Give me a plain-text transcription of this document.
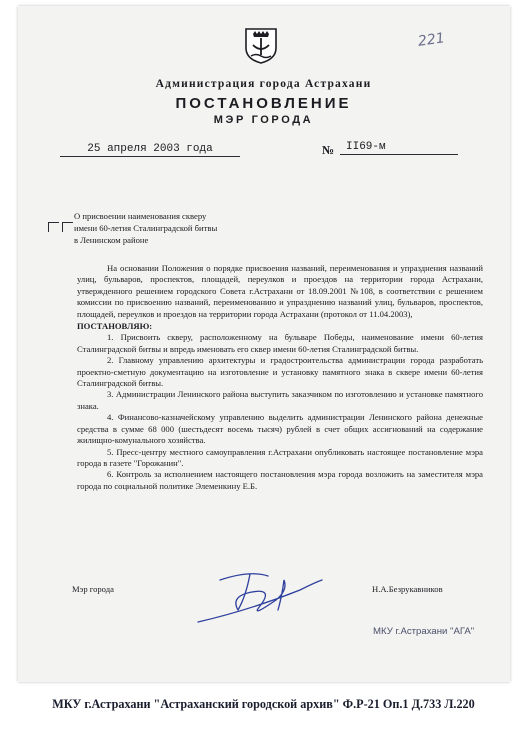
221
Администрация города Астрахани
ПОСТАНОВЛЕНИЕ
МЭР ГОРОДА
25 апреля 2003 года	№	II69-м
О присвоении наименования скверу
имени 60-летия Сталинградской битвы
в Ленинском районе

На основании Положения о порядке присвоения названий, переименования и упразднения названий улиц, бульваров, проспектов, площадей, переулков и проездов на территории города Астрахани, утвержденного решением городского Совета г.Астрахани от 18.09.2001 №108, в соответствии с решением комиссии по присвоению названий, переименованию и упразднению названий улиц, бульваров, проспектов, площадей, переулков и проездов на территории города Астрахани (протокол от 11.04.2003),

ПОСТАНОВЛЯЮ:

1. Присвоить скверу, расположенному на бульваре Победы, наименование имени 60-летия Сталинградской битвы и впредь именовать его сквер имени 60-летия Сталинградской битвы.

2. Главному управлению архитектуры и градостроительства администрации города разработать проектно-сметную документацию на изготовление и установку памятного знака в сквере имени 60-летия Сталинградской битвы.

3. Администрации Ленинского района выступить заказчиком по изготовлению и установке памятного знака.

4. Финансово-казначейскому управлению выделить администрации Ленинского района денежные средства в сумме 68 000 (шестьдесят восемь тысяч) рублей в счет общих ассигнований на содержание жилищно-комунального хозяйства.

5. Пресс-центру местного самоуправления г.Астрахани опубликовать настоящее постановление мэра города в газете "Горожанин".

6. Контроль за исполнением настоящего постановления мэра города возложить на заместителя мэра города по социальной политике Элеменкину Е.Б.

Мэр города	Н.А.Безрукавников
МКУ г.Астрахани "АГА"
МКУ г.Астрахани "Астраханский городской архив" Ф.Р-21 Оп.1 Д.733 Л.220
